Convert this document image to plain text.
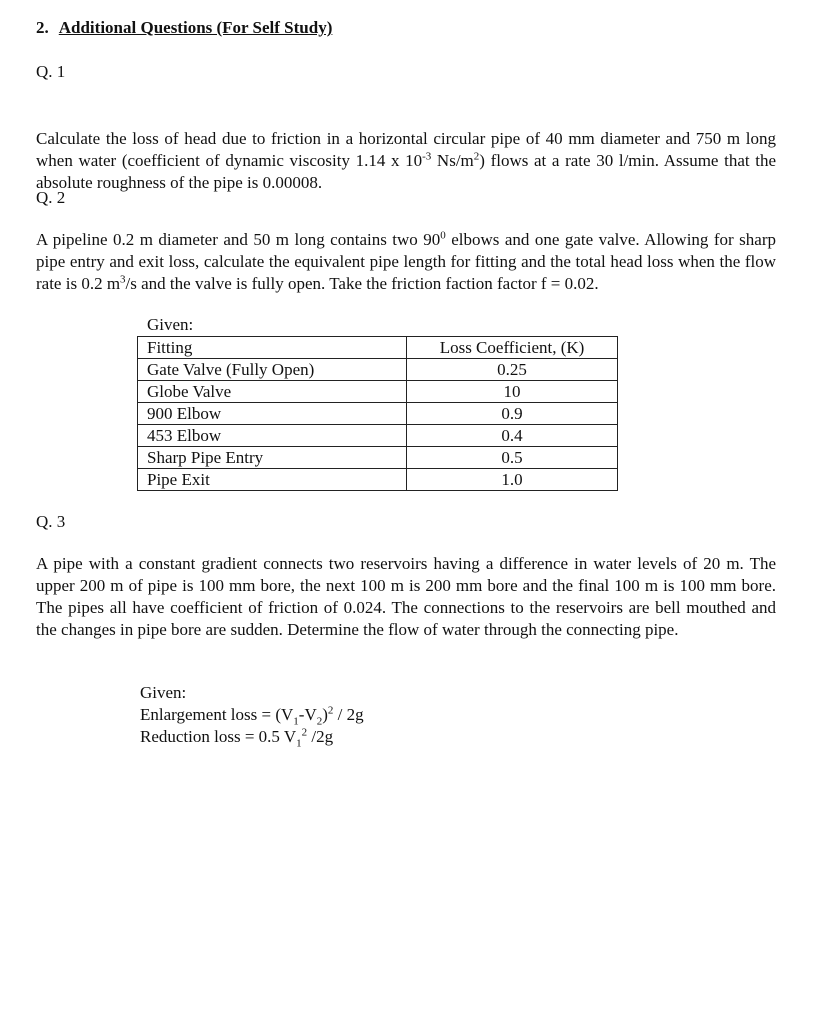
2. Additional Questions (For Self Study)
Q. 1
Calculate the loss of head due to friction in a horizontal circular pipe of 40 mm diameter and 750 m long when water (coefficient of dynamic viscosity 1.14 x $10^{-3}$ $Ns/m^2$) flows at a rate 30 l/min. Assume that the absolute roughness of the pipe is 0.00008.
Q. 2
A pipeline 0.2 m diameter and 50 m long contains two $90^0$ elbows and one gate valve. Allowing for sharp pipe entry and exit loss, calculate the equivalent pipe length for fitting and the total head loss when the flow rate is 0.2 $m^3/s$ and the valve is fully open. Take the friction faction factor f = 0.02.
Given:
Fitting	Loss Coefficient, (K)
Gate Valve (Fully Open)	0.25
Globe Valve	10
900 Elbow	0.9
453 Elbow	0.4
Sharp Pipe Entry	0.5
Pipe Exit	1.0
Q. 3
A pipe with a constant gradient connects two reservoirs having a difference in water levels of 20 m. The upper 200 m of pipe is 100 mm bore, the next 100 m is 200 mm bore and the final 100 m is 100 mm bore. The pipes all have coefficient of friction of 0.024. The connections to the reservoirs are bell mouthed and the changes in pipe bore are sudden. Determine the flow of water through the connecting pipe.
Given:
Enlargement loss = $(V_1-V_2)^2 / 2g$
Reduction loss = 0.5 $V_1^2$ /2g
